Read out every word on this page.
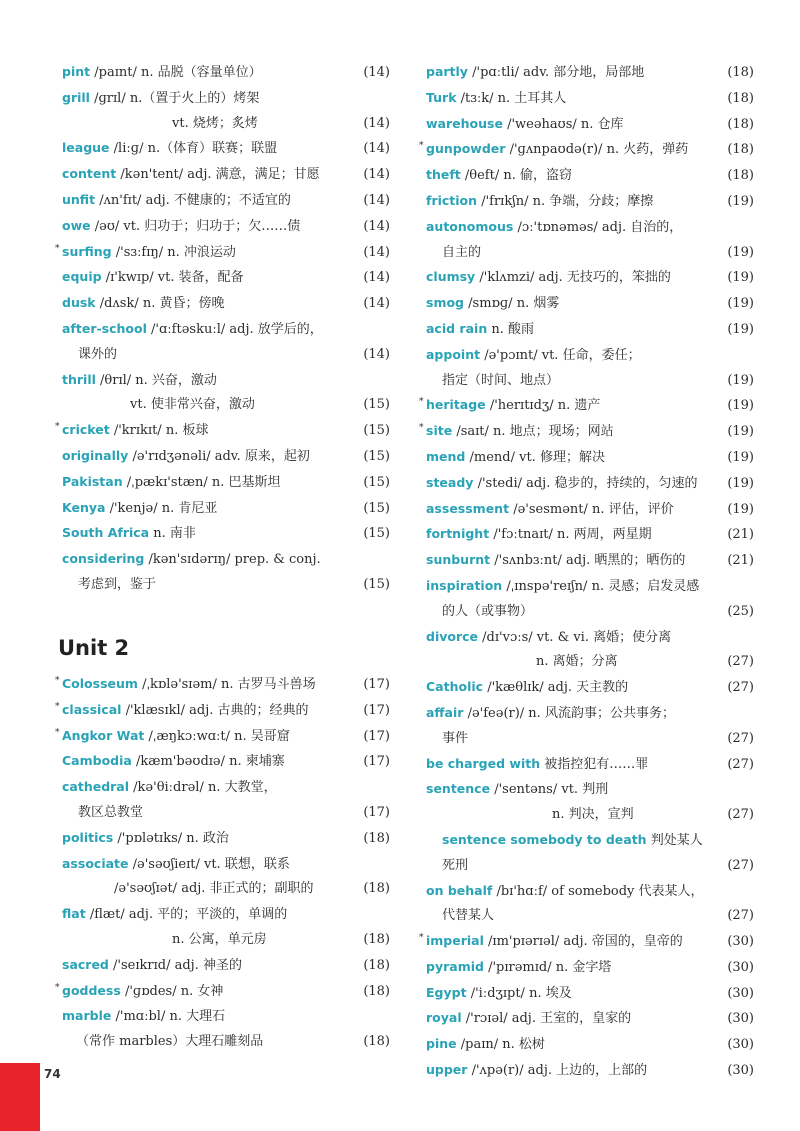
pint /paɪnt/ n. 品脱（容量单位）	(14)
grill /ɡrɪl/ n.（置于火上的）烤架
vt. 烧烤；炙烤	(14)
league /liːɡ/ n.（体育）联赛；联盟	(14)
content /kən'tent/ adj. 满意，满足；甘愿	(14)
unfit /ʌn'fɪt/ adj. 不健康的；不适宜的	(14)
owe /əʊ/ vt. 归功于；归功于；欠……债	(14)
* surfing /'sɜːfɪŋ/ n. 冲浪运动	(14)
equip /ɪ'kwɪp/ vt. 装备，配备	(14)
dusk /dʌsk/ n. 黄昏；傍晚	(14)
after-school /'ɑːftəskuːl/ adj. 放学后的，
课外的	(14)
thrill /θrɪl/ n. 兴奋，激动
vt. 使非常兴奋，激动	(15)
* cricket /'krɪkɪt/ n. 板球	(15)
originally /ə'rɪdʒənəli/ adv. 原来，起初	(15)
Pakistan /ˌpækɪ'stæn/ n. 巴基斯坦	(15)
Kenya /'kenjə/ n. 肯尼亚	(15)
South Africa n. 南非	(15)
considering /kən'sɪdərɪŋ/ prep. & conj.
考虑到，鉴于	(15)
Unit 2
* Colosseum /ˌkɒlə'sɪəm/ n. 古罗马斗兽场	(17)
* classical /'klæsɪkl/ adj. 古典的；经典的	(17)
* Angkor Wat /ˌæŋkɔːwɑːt/ n. 吴哥窟	(17)
Cambodia /kæm'bəʊdɪə/ n. 柬埔寨	(17)
cathedral /kə'θiːdrəl/ n. 大教堂，
教区总教堂	(17)
politics /'pɒlətɪks/ n. 政治	(18)
associate /ə'səʊʃieɪt/ vt. 联想，联系
/ə'səʊʃɪət/ adj. 非正式的；副职的	(18)
flat /flæt/ adj. 平的；平淡的，单调的
n. 公寓，单元房	(18)
sacred /'seɪkrɪd/ adj. 神圣的	(18)
* goddess /'ɡɒdes/ n. 女神	(18)
marble /'mɑːbl/ n. 大理石
（常作 marbles）大理石雕刻品	(18)
partly /'pɑːtli/ adv. 部分地，局部地	(18)
Turk /tɜːk/ n. 土耳其人	(18)
warehouse /'weəhaʊs/ n. 仓库	(18)
* gunpowder /'ɡʌnpaʊdə(r)/ n. 火药，弹药	(18)
theft /θeft/ n. 偷，盗窃	(18)
friction /'frɪkʃn/ n. 争端，分歧；摩擦	(19)
autonomous /ɔː'tɒnəməs/ adj. 自治的，
自主的	(19)
clumsy /'klʌmzi/ adj. 无技巧的，笨拙的	(19)
smog /smɒɡ/ n. 烟雾	(19)
acid rain n. 酸雨	(19)
appoint /ə'pɔɪnt/ vt. 任命，委任；
指定（时间、地点）	(19)
* heritage /'herɪtɪdʒ/ n. 遗产	(19)
* site /saɪt/ n. 地点；现场；网站	(19)
mend /mend/ vt. 修理；解决	(19)
steady /'stedi/ adj. 稳步的，持续的，匀速的	(19)
assessment /ə'sesmənt/ n. 评估，评价	(19)
fortnight /'fɔːtnaɪt/ n. 两周，两星期	(21)
sunburnt /'sʌnbɜːnt/ adj. 晒黑的；晒伤的	(21)
inspiration /ˌɪnspə'reɪʃn/ n. 灵感；启发灵感
的人（或事物）	(25)
divorce /dɪ'vɔːs/ vt. & vi. 离婚；使分离
n. 离婚；分离	(27)
Catholic /'kæθlɪk/ adj. 天主教的	(27)
affair /ə'feə(r)/ n. 风流韵事；公共事务；
事件	(27)
be charged with 被指控犯有……罪	(27)
sentence /'sentəns/ vt. 判刑
n. 判决，宣判	(27)
sentence somebody to death 判处某人
死刑	(27)
on behalf /bɪ'hɑːf/ of somebody 代表某人，
代替某人	(27)
* imperial /ɪm'pɪərɪəl/ adj. 帝国的，皇帝的	(30)
pyramid /'pɪrəmɪd/ n. 金字塔	(30)
Egypt /'iːdʒɪpt/ n. 埃及	(30)
royal /'rɔɪəl/ adj. 王室的，皇家的	(30)
pine /paɪn/ n. 松树	(30)
upper /'ʌpə(r)/ adj. 上边的，上部的	(30)
74
